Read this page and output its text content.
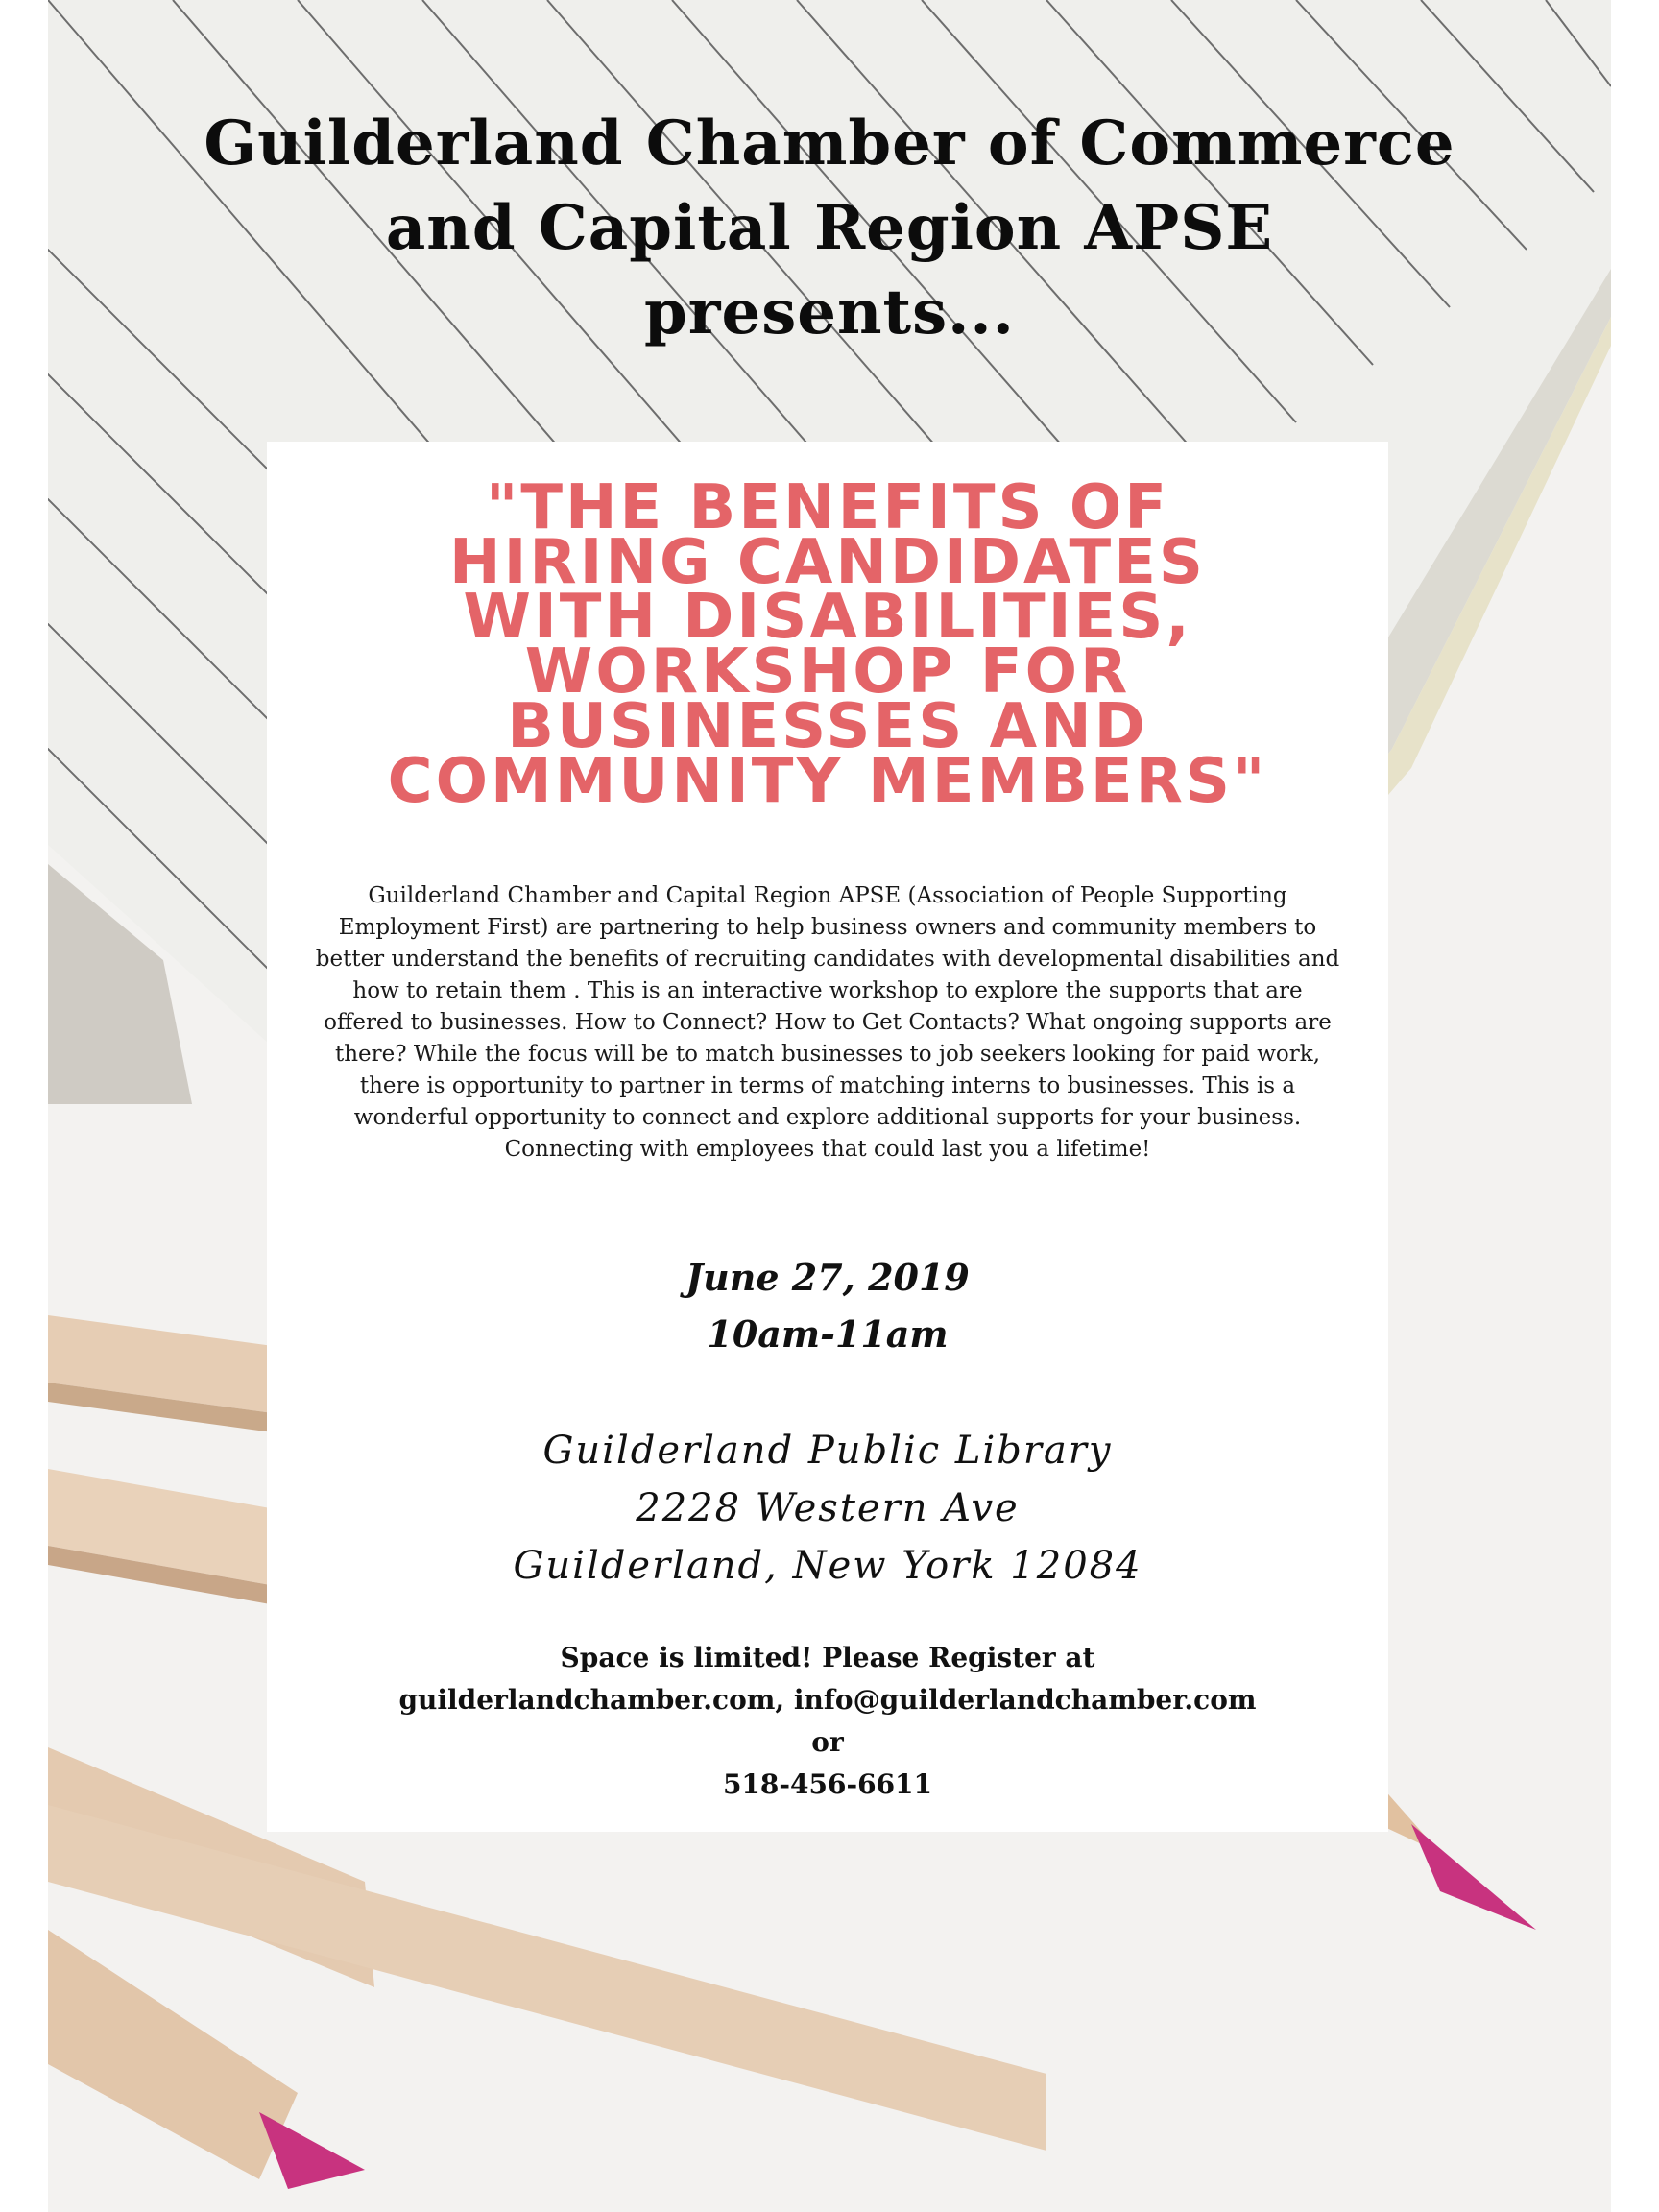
Guilderland Chamber of Commerce
and Capital Region APSE
presents...
"THE BENEFITS OF
HIRING CANDIDATES
WITH DISABILITIES,
WORKSHOP FOR
BUSINESSES AND
COMMUNITY MEMBERS"

Guilderland Chamber and Capital Region APSE (Association of People Supporting Employment First) are partnering to help business owners and community members to better understand the benefits of recruiting candidates with developmental disabilities and how to retain them . This is an interactive workshop to explore the supports that are offered to businesses. How to Connect? How to Get Contacts? What ongoing supports are there? While the focus will be to match businesses to job seekers looking for paid work, there is opportunity to partner in terms of matching interns to businesses. This is a wonderful opportunity to connect and explore additional supports for your business. Connecting with employees that could last you a lifetime!

June 27, 2019
10am-11am
Guilderland Public Library
2228 Western Ave
Guilderland, New York 12084
Space is limited! Please Register at
guilderlandchamber.com, info@guilderlandchamber.com
or
518-456-6611
